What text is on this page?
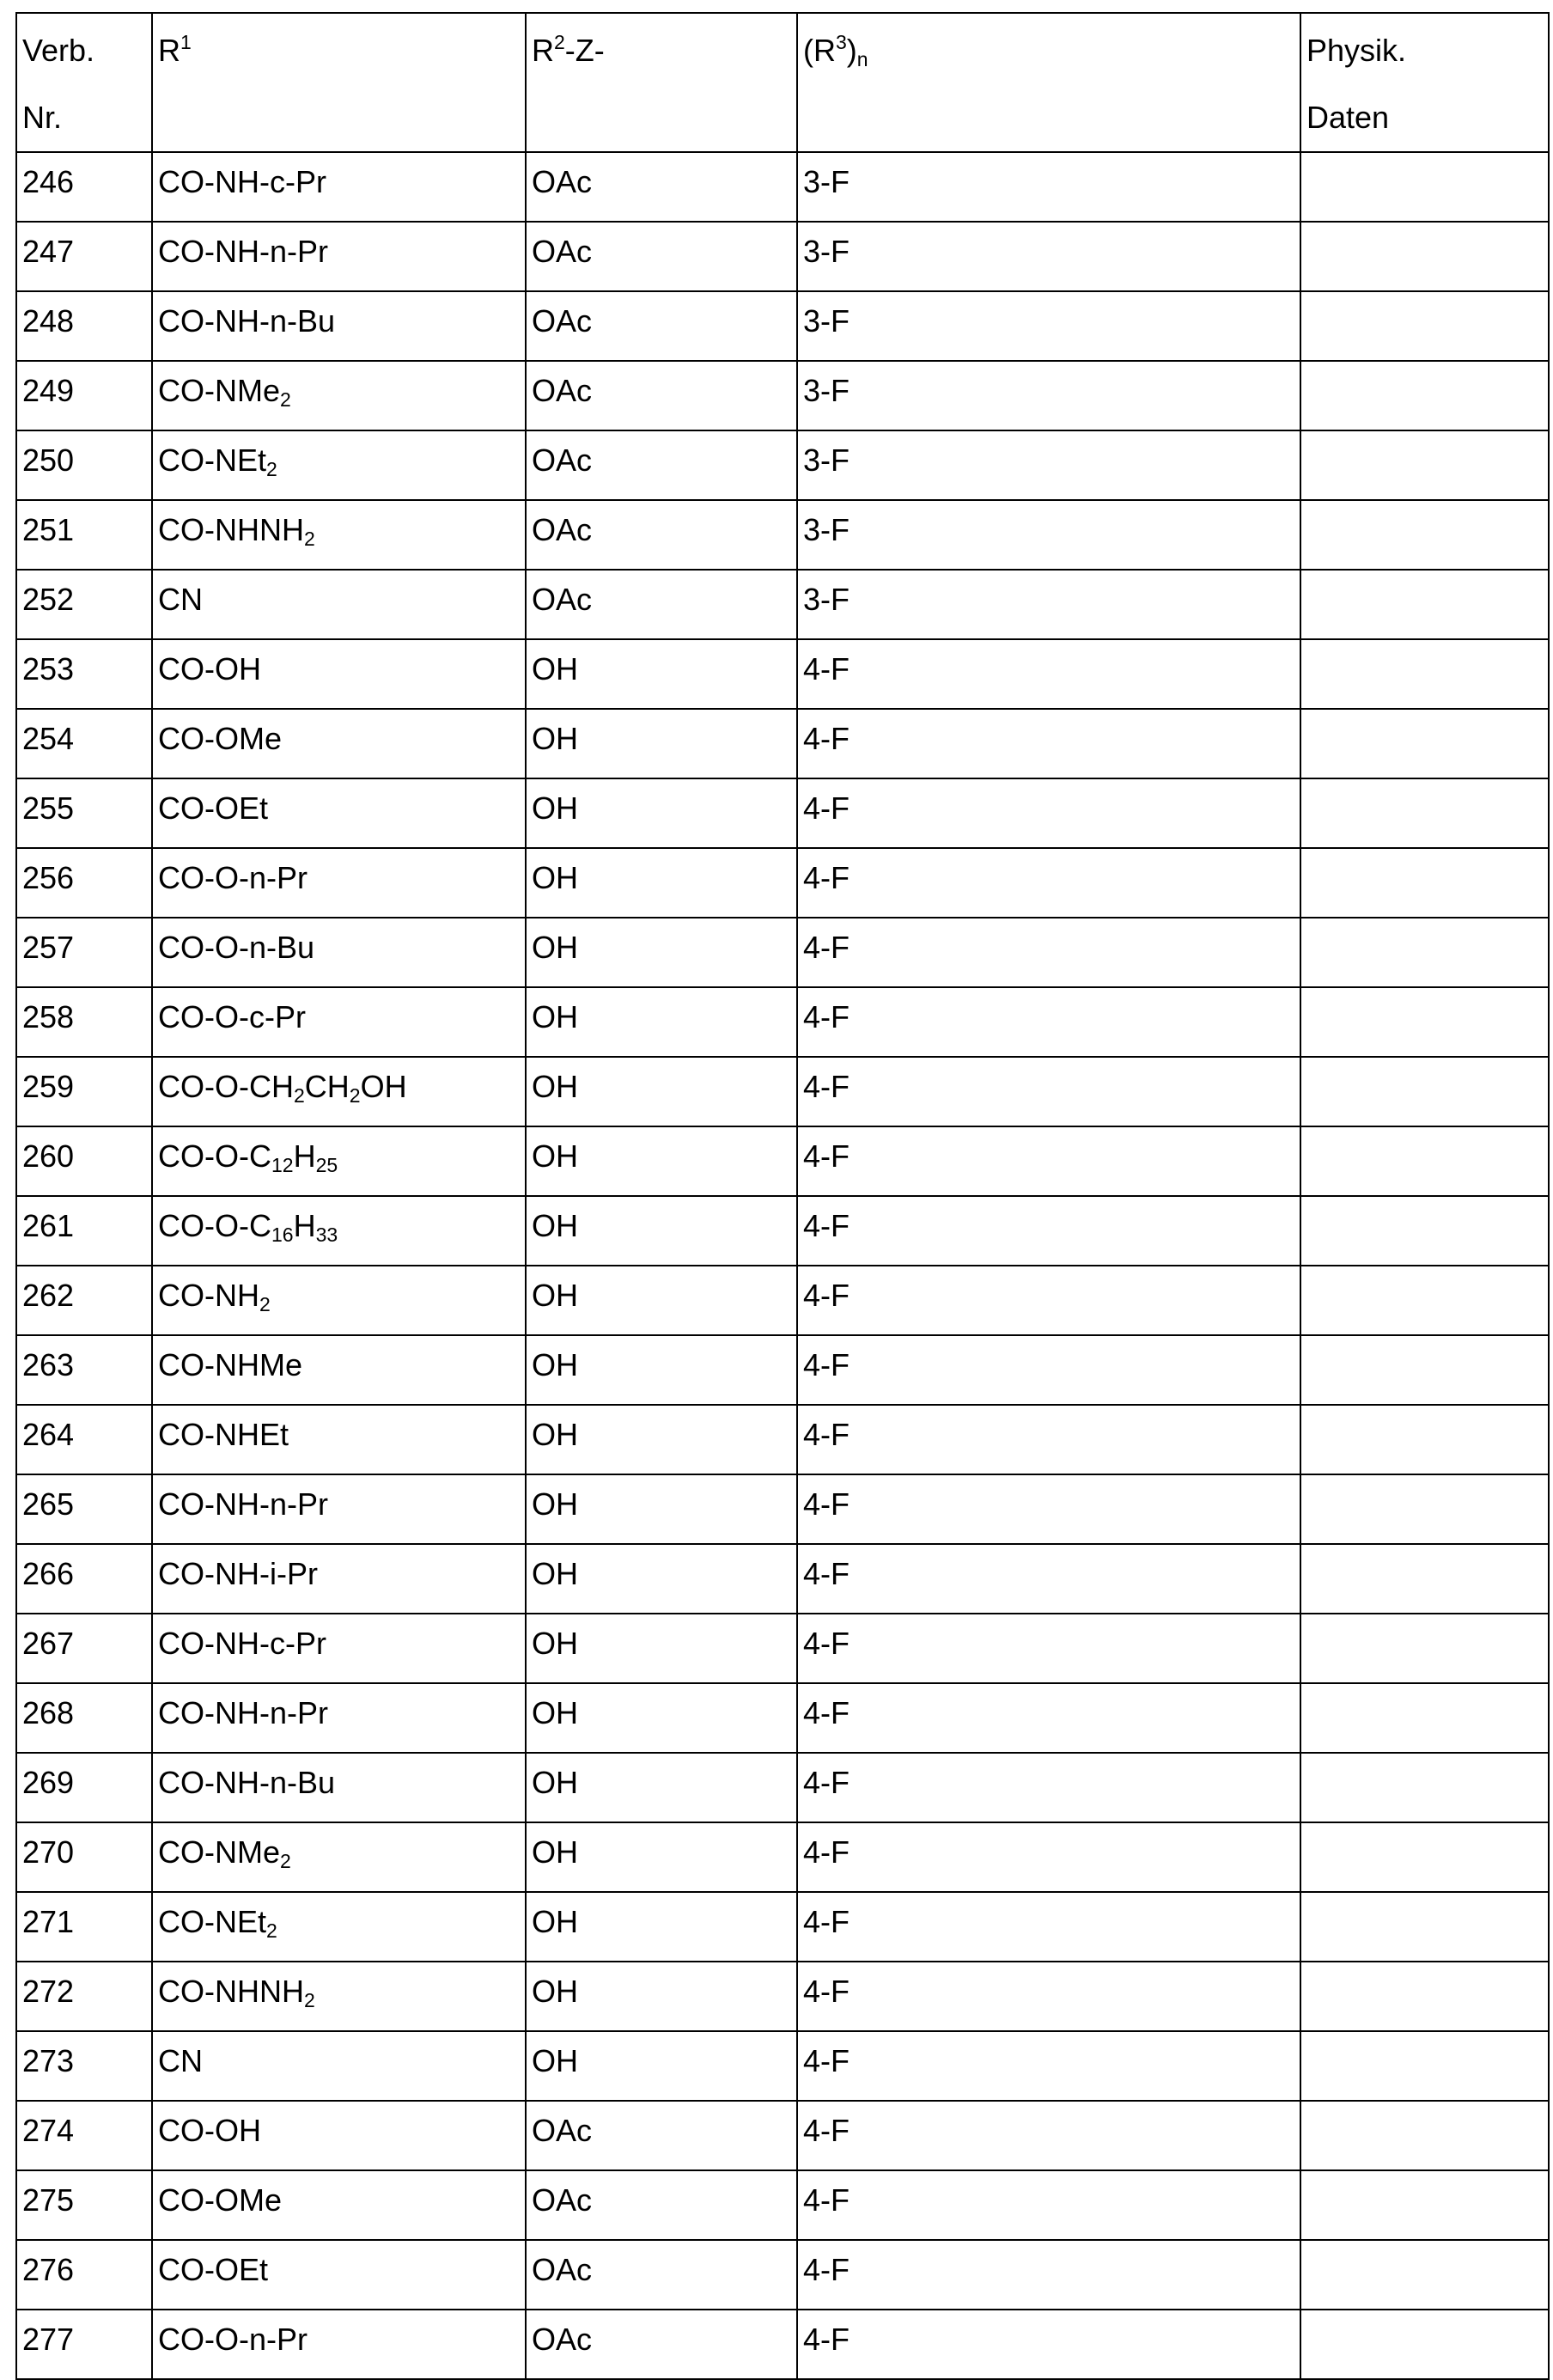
Verb.
Nr.	R1	R2-Z-	(R3)n	Physik.
Daten
246	CO-NH-c-Pr	OAc	3-F	
247	CO-NH-n-Pr	OAc	3-F	
248	CO-NH-n-Bu	OAc	3-F	
249	CO-NMe2	OAc	3-F	
250	CO-NEt2	OAc	3-F	
251	CO-NHNH2	OAc	3-F	
252	CN	OAc	3-F	
253	CO-OH	OH	4-F	
254	CO-OMe	OH	4-F	
255	CO-OEt	OH	4-F	
256	CO-O-n-Pr	OH	4-F	
257	CO-O-n-Bu	OH	4-F	
258	CO-O-c-Pr	OH	4-F	
259	CO-O-CH2CH2OH	OH	4-F	
260	CO-O-C12H25	OH	4-F	
261	CO-O-C16H33	OH	4-F	
262	CO-NH2	OH	4-F	
263	CO-NHMe	OH	4-F	
264	CO-NHEt	OH	4-F	
265	CO-NH-n-Pr	OH	4-F	
266	CO-NH-i-Pr	OH	4-F	
267	CO-NH-c-Pr	OH	4-F	
268	CO-NH-n-Pr	OH	4-F	
269	CO-NH-n-Bu	OH	4-F	
270	CO-NMe2	OH	4-F	
271	CO-NEt2	OH	4-F	
272	CO-NHNH2	OH	4-F	
273	CN	OH	4-F	
274	CO-OH	OAc	4-F	
275	CO-OMe	OAc	4-F	
276	CO-OEt	OAc	4-F	
277	CO-O-n-Pr	OAc	4-F	
